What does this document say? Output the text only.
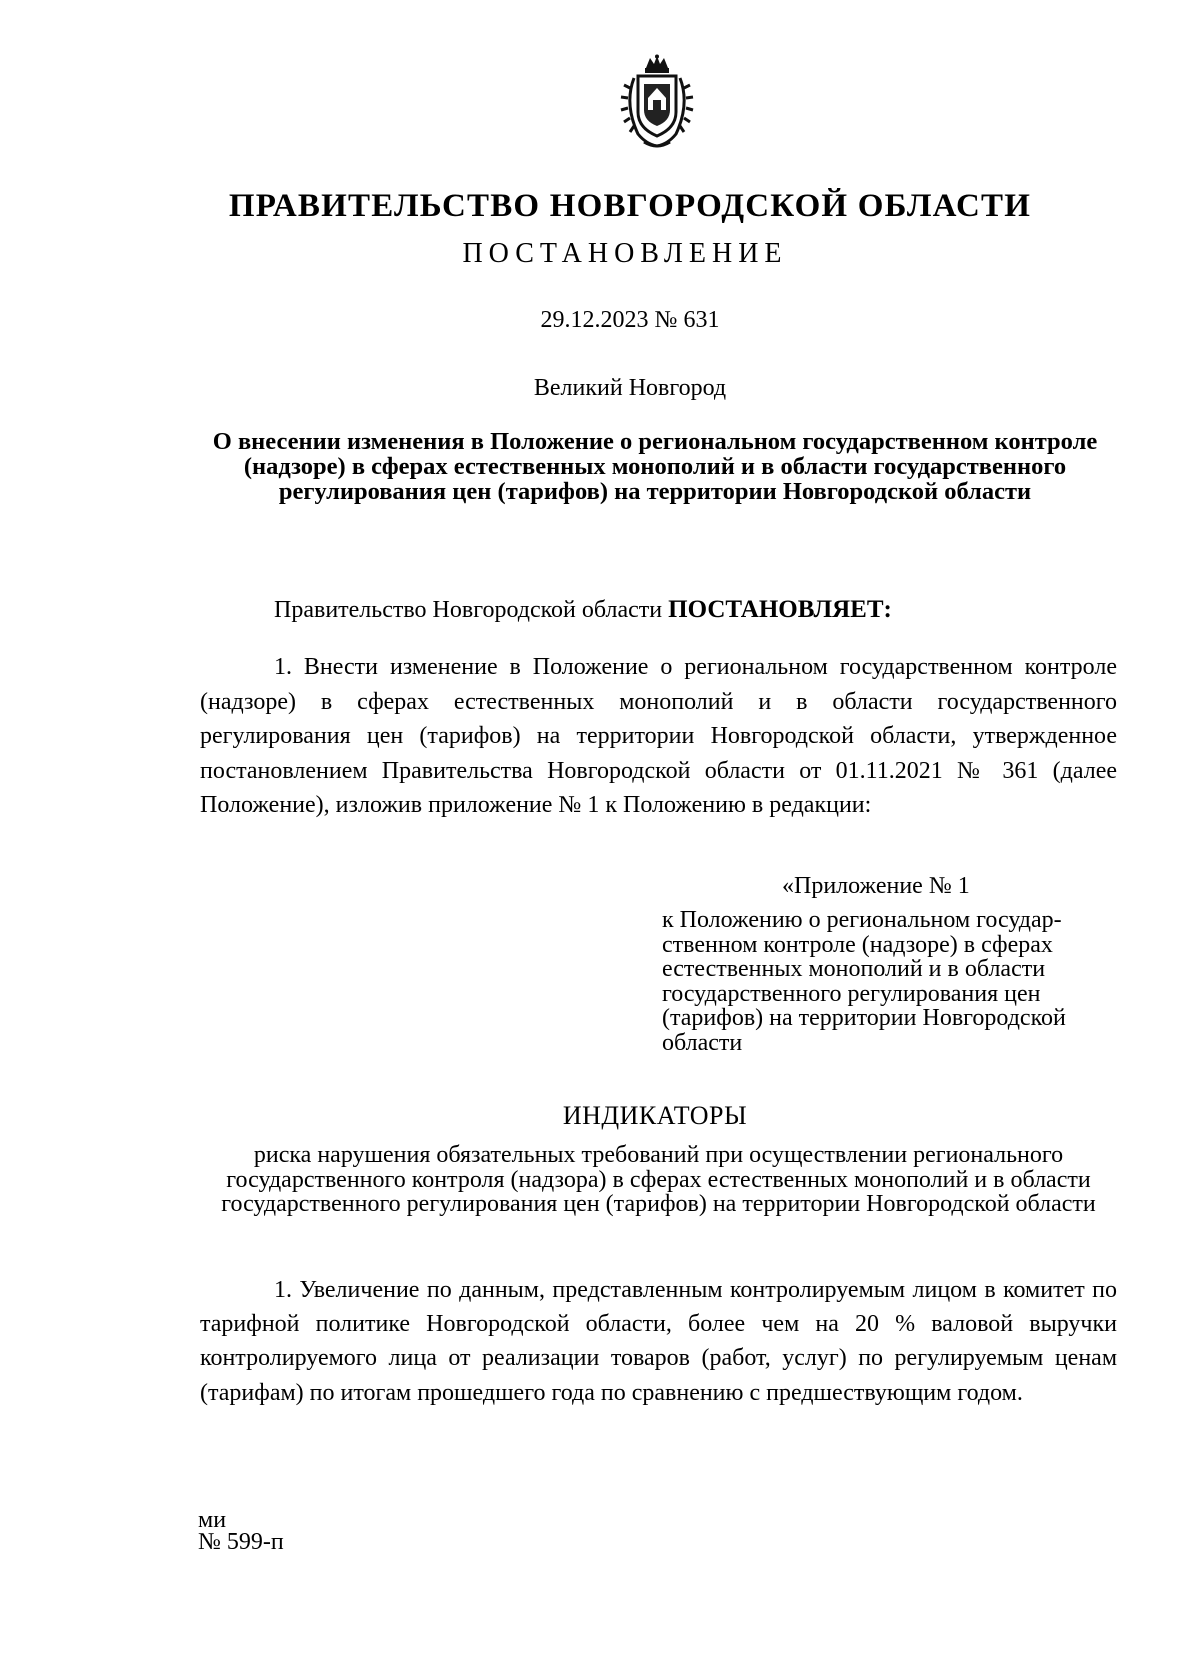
ПРАВИТЕЛЬСТВО НОВГОРОДСКОЙ ОБЛАСТИ
ПОСТАНОВЛЕНИЕ
29.12.2023 № 631
Великий Новгород
О внесении изменения в Положение о региональном государственном контроле (надзоре) в сферах естественных монополий и в области государственного регулирования цен (тарифов) на территории Новгородской области
Правительство Новгородской области ПОСТАНОВЛЯЕТ:
1. Внести изменение в Положение о региональном государственном контроле (надзоре) в сферах естественных монополий и в области государственного регулирования цен (тарифов) на территории Новгородской области, утвержденное постановлением Правительства Новгородской области от 01.11.2021 № 361 (далее Положение), изложив приложение № 1 к Положению в редакции:
«Приложение № 1
к Положению о региональном государ-ственном контроле (надзоре) в сферах естественных монополий и в области государственного регулирования цен (тарифов) на территории Новгородской области
ИНДИКАТОРЫ
риска нарушения обязательных требований при осуществлении регионального государственного контроля (надзора) в сферах естественных монополий и в области государственного регулирования цен (тарифов) на территории Новгородской области
1. Увеличение по данным, представленным контролируемым лицом в комитет по тарифной политике Новгородской области, более чем на 20 % валовой выручки контролируемого лица от реализации товаров (работ, услуг) по регулируемым ценам (тарифам) по итогам прошедшего года по сравнению с предшествующим годом.
ми
№ 599-п
